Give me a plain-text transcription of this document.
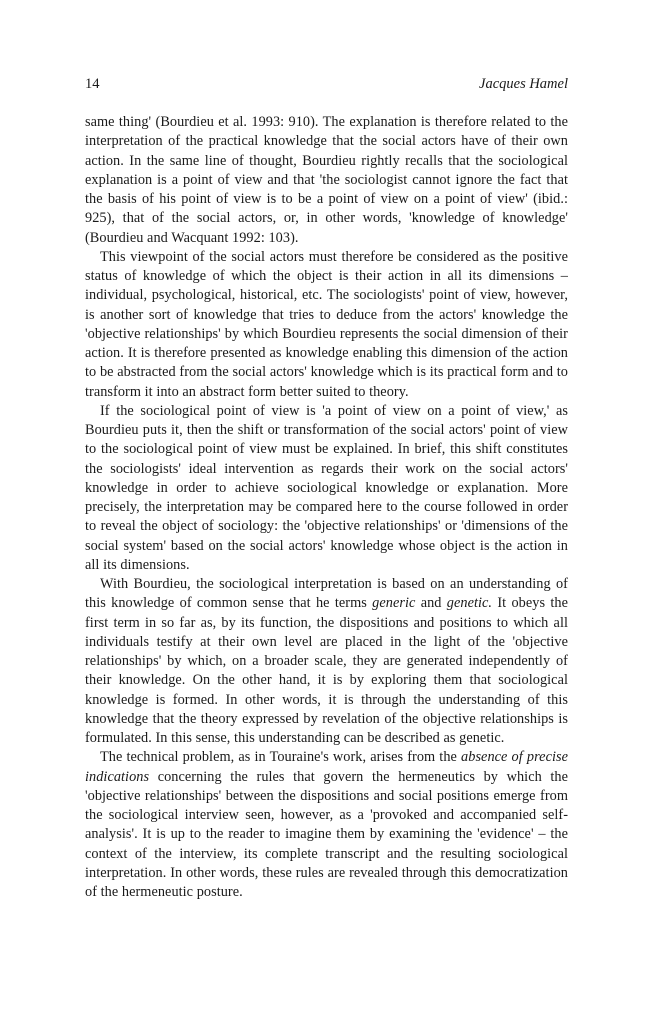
14	Jacques Hamel

same thing' (Bourdieu et al. 1993: 910). The explanation is therefore related to the interpretation of the practical knowledge that the social actors have of their own action. In the same line of thought, Bourdieu rightly recalls that the sociological explanation is a point of view and that 'the sociologist cannot ignore the fact that the basis of his point of view is to be a point of view on a point of view' (ibid.: 925), that of the social actors, or, in other words, 'knowledge of knowledge' (Bourdieu and Wacquant 1992: 103).

This viewpoint of the social actors must therefore be considered as the positive status of knowledge of which the object is their action in all its dimensions – individual, psychological, historical, etc. The sociologists' point of view, however, is another sort of knowledge that tries to deduce from the actors' knowledge the 'objective relationships' by which Bourdieu represents the social dimension of their action. It is therefore presented as knowledge enabling this dimension of the action to be abstracted from the social actors' knowledge which is its practical form and to transform it into an abstract form better suited to theory.

If the sociological point of view is 'a point of view on a point of view,' as Bourdieu puts it, then the shift or transformation of the social actors' point of view to the sociological point of view must be explained. In brief, this shift constitutes the sociologists' ideal intervention as regards their work on the social actors' knowledge in order to achieve sociological knowledge or explanation. More precisely, the interpretation may be compared here to the course followed in order to reveal the object of sociology: the 'objective relationships' or 'dimensions of the social system' based on the social actors' knowledge whose object is the action in all its dimensions.

With Bourdieu, the sociological interpretation is based on an understanding of this knowledge of common sense that he terms generic and genetic. It obeys the first term in so far as, by its function, the dispositions and positions to which all individuals testify at their own level are placed in the light of the 'objective relationships' by which, on a broader scale, they are generated independently of their knowledge. On the other hand, it is by exploring them that sociological knowledge is formed. In other words, it is through the understanding of this knowledge that the theory expressed by revelation of the objective relationships is formulated. In this sense, this understanding can be described as genetic.

The technical problem, as in Touraine's work, arises from the absence of precise indications concerning the rules that govern the hermeneutics by which the 'objective relationships' between the dispositions and social positions emerge from the sociological interview seen, however, as a 'provoked and accompanied self-analysis'. It is up to the reader to imagine them by examining the 'evidence' – the context of the interview, its complete transcript and the resulting sociological interpretation. In other words, these rules are revealed through this democratization of the hermeneutic posture.
